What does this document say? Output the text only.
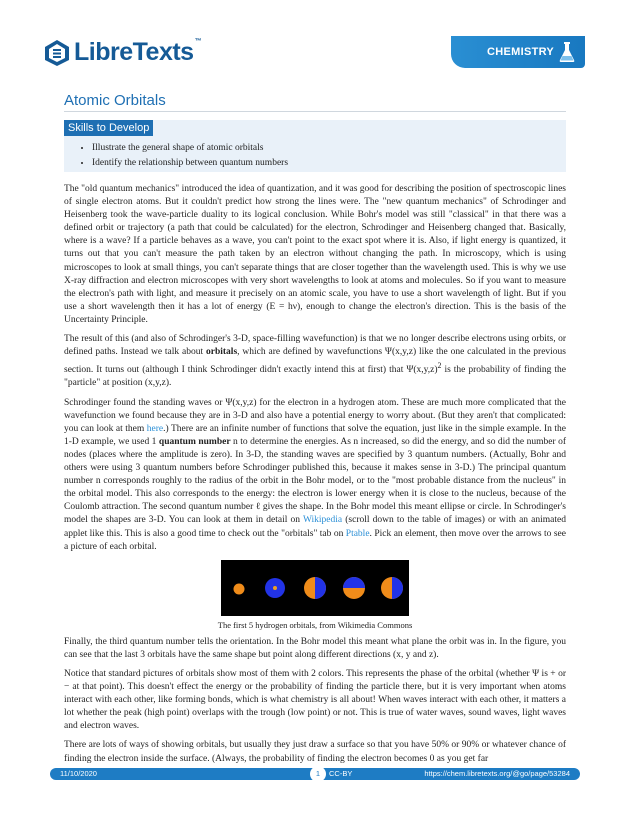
LibreTexts™
CHEMISTRY
Atomic Orbitals
Skills to Develop
• Illustrate the general shape of atomic orbitals
• Identify the relationship between quantum numbers

The "old quantum mechanics" introduced the idea of quantization, and it was good for describing the position of spectroscopic lines of single electron atoms. But it couldn't predict how strong the lines were. The "new quantum mechanics" of Schrodinger and Heisenberg took the wave-particle duality to its logical conclusion. While Bohr's model was still "classical" in that there was a defined orbit or trajectory (a path that could be calculated) for the electron, Schrodinger and Heisenberg changed that. Basically, where is a wave? If a particle behaves as a wave, you can't point to the exact spot where it is. Also, if light energy is quantized, it turns out that you can't measure the path taken by an electron without changing the path. In microscopy, which is using microscopes to look at small things, you can't separate things that are closer together than the wavelength used. This is why we use X-ray diffraction and electron microscopes with very short wavelengths to look at atoms and molecules. So if you want to measure the electron's path with light, and measure it precisely on an atomic scale, you have to use a short wavelength of light. But if you use a short wavelength then it has a lot of energy (E = hν), enough to change the electron's direction. This is the basis of the Uncertainty Principle.

The result of this (and also of Schrodinger's 3-D, space-filling wavefunction) is that we no longer describe electrons using orbits, or defined paths. Instead we talk about orbitals, which are defined by wavefunctions Ψ(x,y,z) like the one calculated in the previous section. It turns out (although I think Schrodinger didn't exactly intend this at first) that $\Psi(x,y,z)^2$ is the probability of finding the "particle" at position (x,y,z).

Schrodinger found the standing waves or Ψ(x,y,z) for the electron in a hydrogen atom. These are much more complicated that the wavefunction we found because they are in 3-D and also have a potential energy to worry about. (But they aren't that complicated: you can look at them here.) There are an infinite number of functions that solve the equation, just like in the simple example. In the 1-D example, we used 1 quantum number n to determine the energies. As n increased, so did the energy, and so did the number of nodes (places where the amplitude is zero). In 3-D, the standing waves are specified by 3 quantum numbers. (Actually, Bohr and others were using 3 quantum numbers before Schrodinger published this, because it makes sense in 3-D.) The principal quantum number n corresponds roughly to the radius of the orbit in the Bohr model, or to the "most probable distance from the nucleus" in the orbital model. This also corresponds to the energy: the electron is lower energy when it is close to the nucleus, because of the Coulomb attraction. The second quantum number ℓ gives the shape. In the Bohr model this meant ellipse or circle. In Schrodinger's model the shapes are 3-D. You can look at them in detail on Wikipedia (scroll down to the table of images) or with an animated applet like this. This is also a good time to check out the "orbitals" tab on Ptable. Pick an element, then move over the arrows to see a picture of each orbital.

The first 5 hydrogen orbitals, from Wikimedia Commons

Finally, the third quantum number tells the orientation. In the Bohr model this meant what plane the orbit was in. In the figure, you can see that the last 3 orbitals have the same shape but point along different directions (x, y and z).

Notice that standard pictures of orbitals show most of them with 2 colors. This represents the phase of the orbital (whether Ψ is + or − at that point). This doesn't effect the energy or the probability of finding the particle there, but it is very important when atoms interact with each other, like forming bonds, which is what chemistry is all about! When waves interact with each other, it matters a lot whether the peak (high point) overlaps with the trough (low point) or not. This is true of water waves, sound waves, light waves and electron waves.

There are lots of ways of showing orbitals, but usually they just draw a surface so that you have 50% or 90% or whatever chance of finding the electron inside the surface. (Always, the probability of finding the electron becomes 0 as you get far

11/10/2020	1	CC-BY	https://chem.libretexts.org/@go/page/53284
